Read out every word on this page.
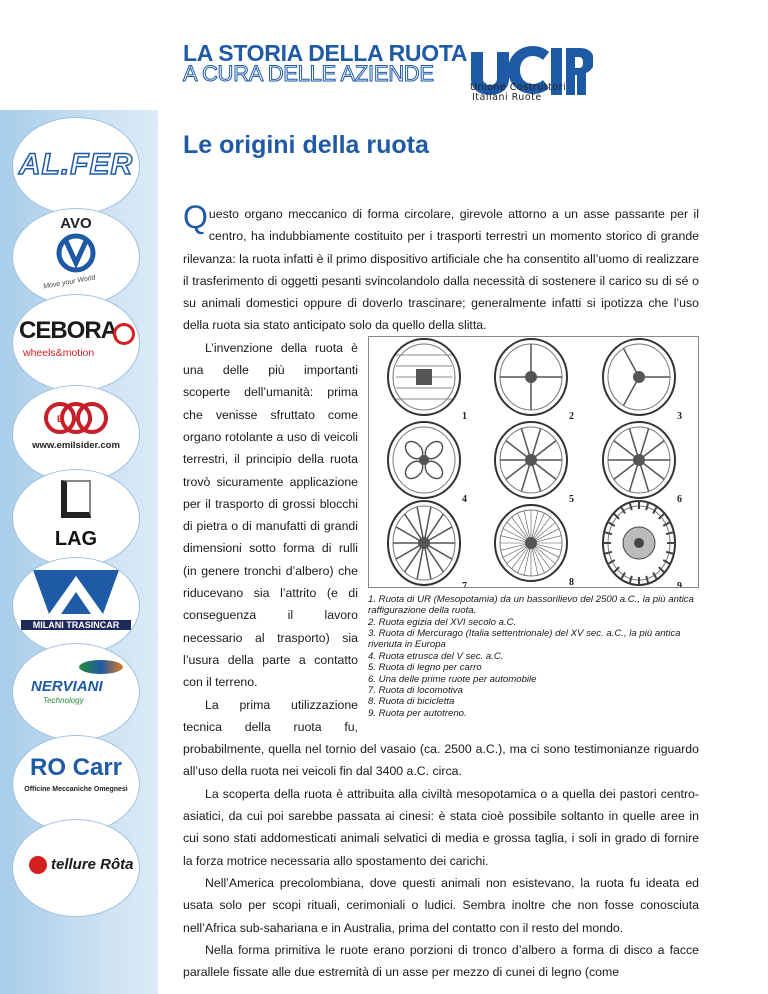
LA STORIA DELLA RUOTA
A CURA DELLE AZIENDE
Unione Costruttori
Italiani Ruote
AL.FER
AVO
Move your World
CEBORA
wheels&motion
E M I
www.emilsider.com
LAG
MILANI TRASINCAR
NERVIANI
Technology
RO Carr
Officine Meccaniche Omegnesi
tellure Rôta
Le origini della ruota

Questo organo meccanico di forma circolare, girevole attorno a un asse passante per il centro, ha indubbiamente costituito per i trasporti terrestri un momento storico di grande rilevanza: la ruota infatti è il primo dispositivo artificiale che ha consentito all’uomo di realizzare il trasferimento di oggetti pesanti svincolandolo dalla necessità di sostenere il carico su di sé o su animali domestici oppure di doverlo trascinare; generalmente infatti si ipotizza che l’uso della ruota sia stato anticipato solo da quello della slitta.

1	2	3
4	5	6
7	8	9
1. Ruota di UR (Mesopotamia) da un bassorilievo del 2500 a.C., la più antica raffigurazione della ruota.
2. Ruota egizia del XVI secolo a.C.
3. Ruota di Mercurago (Italia settentrionale) del XV sec. a.C., la più antica rivenuta in Europa
4. Ruota etrusca del V sec. a.C.
5. Ruota di legno per carro
6. Una delle prime ruote per automobile
7. Ruota di locomotiva
8. Ruota di bicicletta
9. Ruota per autotreno.

L’invenzione della ruota è una delle più importanti scoperte dell’umanità: prima che venisse sfruttato come organo rotolante a uso di veicoli terrestri, il principio della ruota trovò sicuramente applicazione per il trasporto di grossi blocchi di pietra o di manufatti di grandi dimensioni sotto forma di rulli (in genere tronchi d’albero) che riducevano sia l’attrito (e di conseguenza il lavoro necessario al trasporto) sia l’usura della parte a contatto con il terreno.

La prima utilizzazione tecnica della ruota fu, probabilmente, quella nel tornio del vasaio (ca. 2500 a.C.), ma ci sono testimonianze riguardo all’uso della ruota nei veicoli fin dal 3400 a.C. circa.

La scoperta della ruota è attribuita alla civiltà mesopotamica o a quella dei pastori centro-asiatici, da cui poi sarebbe passata ai cinesi: è stata cioè possibile soltanto in quelle aree in cui sono stati addomesticati animali selvatici di media e grossa taglia, i soli in grado di fornire la forza motrice necessaria allo spostamento dei carichi.

Nell’America precolombiana, dove questi animali non esistevano, la ruota fu ideata ed usata solo per scopi rituali, cerimoniali o ludici. Sembra inoltre che non fosse conosciuta nell’Africa sub-sahariana e in Australia, prima del contatto con il resto del mondo.

Nella forma primitiva le ruote erano porzioni di tronco d’albero a forma di disco a facce parallele fissate alle due estremità di un asse per mezzo di cunei di legno (come
